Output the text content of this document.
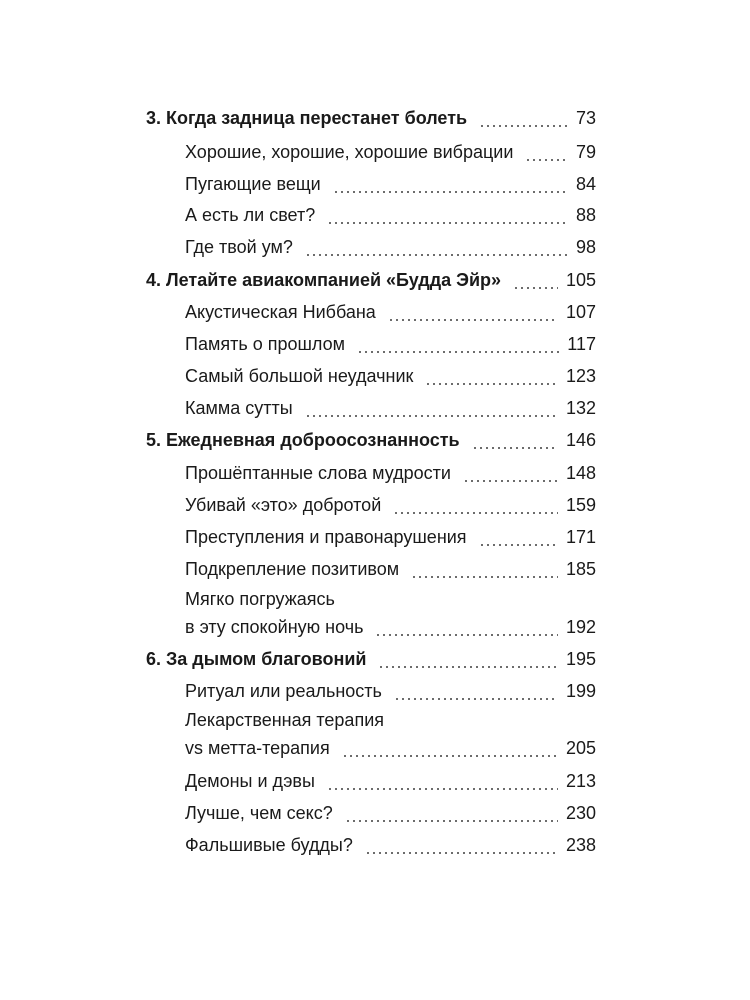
3. Когда задница перестанет болеть	73
Хорошие, хорошие, хорошие вибрации	79
Пугающие вещи	84
А есть ли свет?	88
Где твой ум?	98
4. Летайте авиакомпанией «Будда Эйр»	105
Акустическая Ниббана	107
Память о прошлом	117
Самый большой неудачник	123
Камма сутты	132
5. Ежедневная доброосознанность	146
Прошёптанные слова мудрости	148
Убивай «это» добротой	159
Преступления и правонарушения	171
Подкрепление позитивом	185
Мягко погружаясь
в эту спокойную ночь	192
6. За дымом благовоний	195
Ритуал или реальность	199
Лекарственная терапия
vs метта-терапия	205
Демоны и дэвы	213
Лучше, чем секс?	230
Фальшивые будды?	238
